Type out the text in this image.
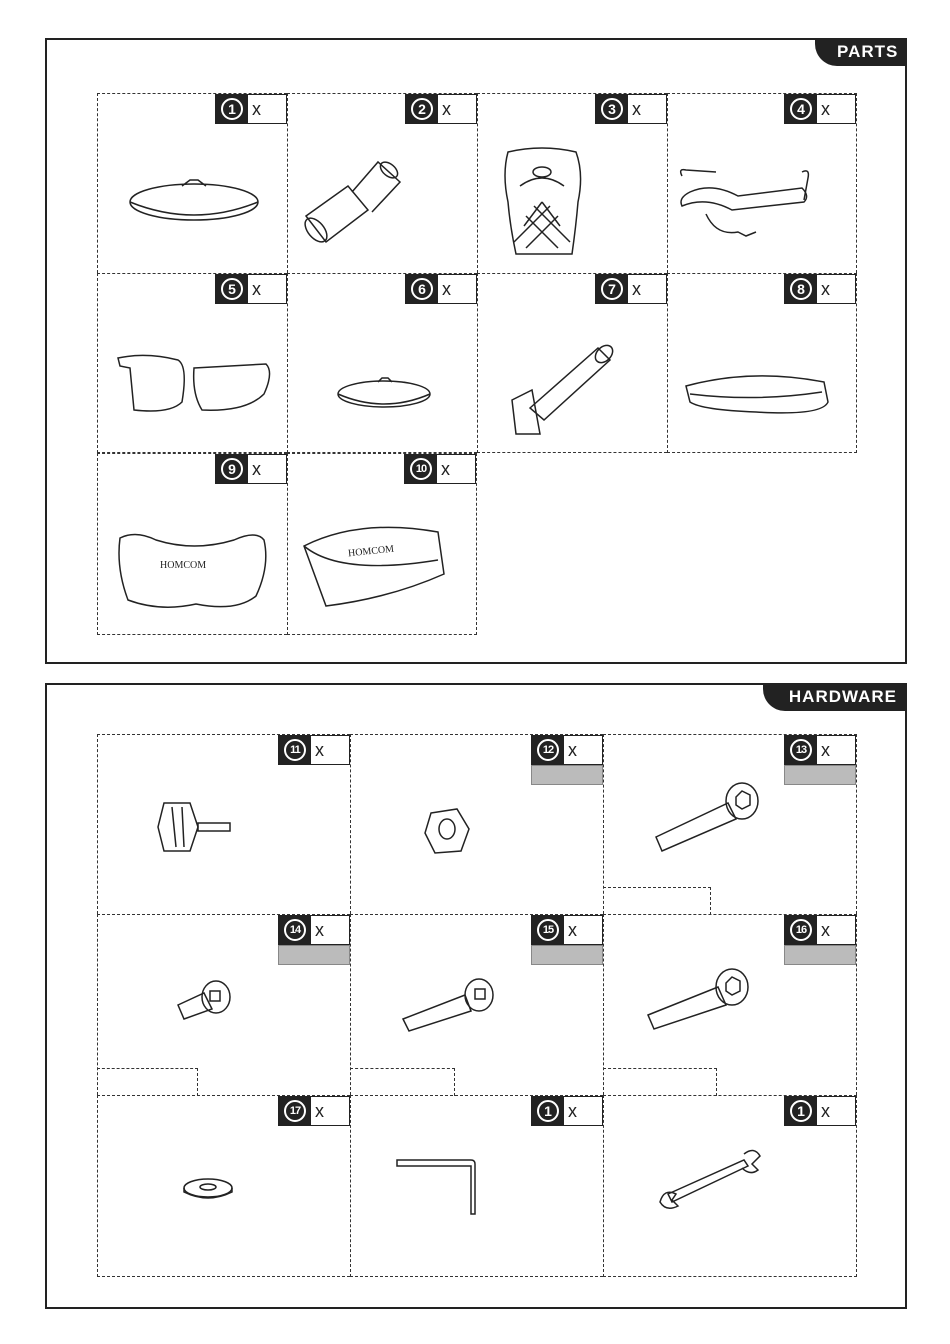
PARTS
HARDWARE
1 x	2 x	3 x	4 x
5 x	6 x	7 x	8 x
9 x
HOMCOM
10 x
HOMCOM
11 x	12 x	13 x
14 x	15 x	16 x
17 x	1 x	1 x
